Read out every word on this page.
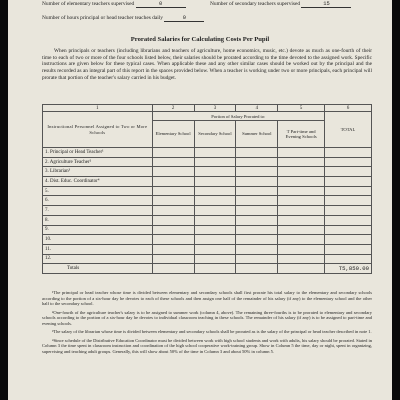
Number of elementary teachers supervised	0	Number of secondary teachers supervised	15
Number of hours principal or head teacher teaches daily	0
Prorated Salaries for Calculating Costs Per Pupil
When principals or teachers (including librarians and teachers of agriculture, home economics, music, etc.) devote as much as one-fourth of their time to each of two or more of the four schools listed below, their salaries should be prorated according to the time devoted to the assigned work. Specific instructions are given below for these typical cases. When applicable these and any other similar cases should be worked out by the principal and the results recorded as an integral part of this report in the spaces provided below. When a teacher is working under two or more principals, each principal will prorate that portion of the teacher's salary carried in his budget.
1	2	3	4	5	6
Instructional Personnel Assigned to Two or More Schools	Portion of Salary Prorated to:				TOTAL
	Elementary School	Secondary School	Summer School	T Part-time and Evening Schools	
1. Principal or Head Teacher¹					
2. Agriculture Teacher²					
3. Librarian³					
4. Dist. Educ. Coordinator⁴					
5.					
6.					
7.					
8.					
9.					
10.					
11.					
12.					
Totals					T5,850.00

¹The principal or head teacher whose time is divided between elementary and secondary schools shall first prorate his total salary to the elementary and secondary schools according to the portion of a six-hour day he devotes to each of these schools and then assign one half of the remainder of his salary (if any) to the elementary school and the other half to the secondary school.

²One-fourth of the agriculture teacher's salary is to be assigned to summer work (column 4, above). The remaining three-fourths is to be prorated to elementary and secondary schools according to the portion of a six-hour day he devotes to individual classroom teaching in these schools. The remainder of his salary (if any) is to be assigned to part-time and evening schools.

³The salary of the librarian whose time is divided between elementary and secondary schools shall be prorated as is the salary of the principal or head teacher described in note 1.

⁴Since schedule of the Distributive Education Coordinator must be divided between work with high school students and work with adults, his salary should be prorated. Stated in Column 3 the time spent in classroom instruction and coordination of the high school cooperative work-training group. Show in Column 5 the time, day or night, spent in organizing, supervising and teaching adult groups. Generally, this will show about 50% of the time in Column 3 and about 50% in column 5.
